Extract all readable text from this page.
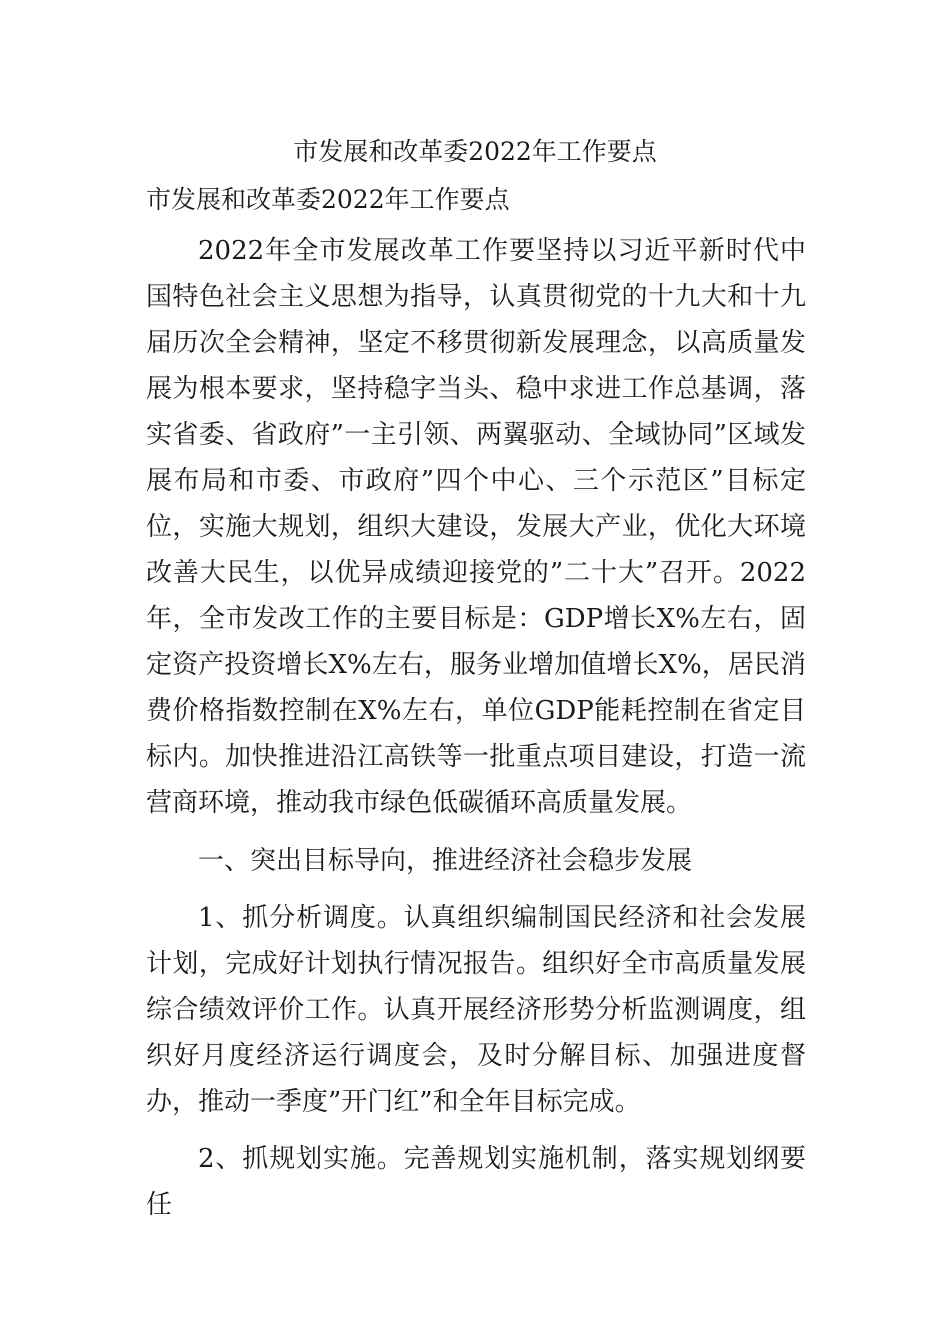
市发展和改革委2022年工作要点
市发展和改革委2022年工作要点

2022年全市发展改革工作要坚持以习近平新时代中国特色社会主义思想为指导，认真贯彻党的十九大和十九届历次全会精神，坚定不移贯彻新发展理念，以高质量发展为根本要求，坚持稳字当头、稳中求进工作总基调，落实省委、省政府”一主引领、两翼驱动、全域协同”区域发展布局和市委、市政府”四个中心、三个示范区”目标定位，实施大规划，组织大建设，发展大产业，优化大环境改善大民生，以优异成绩迎接党的”二十大”召开。2022年，全市发改工作的主要目标是：GDP增长X%左右，固定资产投资增长X%左右，服务业增加值增长X%，居民消费价格指数控制在X%左右，单位GDP能耗控制在省定目标内。加快推进沿江高铁等一批重点项目建设，打造一流营商环境，推动我市绿色低碳循环高质量发展。

一、突出目标导向，推进经济社会稳步发展

1、抓分析调度。认真组织编制国民经济和社会发展计划，完成好计划执行情况报告。组织好全市高质量发展综合绩效评价工作。认真开展经济形势分析监测调度，组织好月度经济运行调度会，及时分解目标、加强进度督办，推动一季度”开门红”和全年目标完成。

2、抓规划实施。完善规划实施机制，落实规划纲要任
